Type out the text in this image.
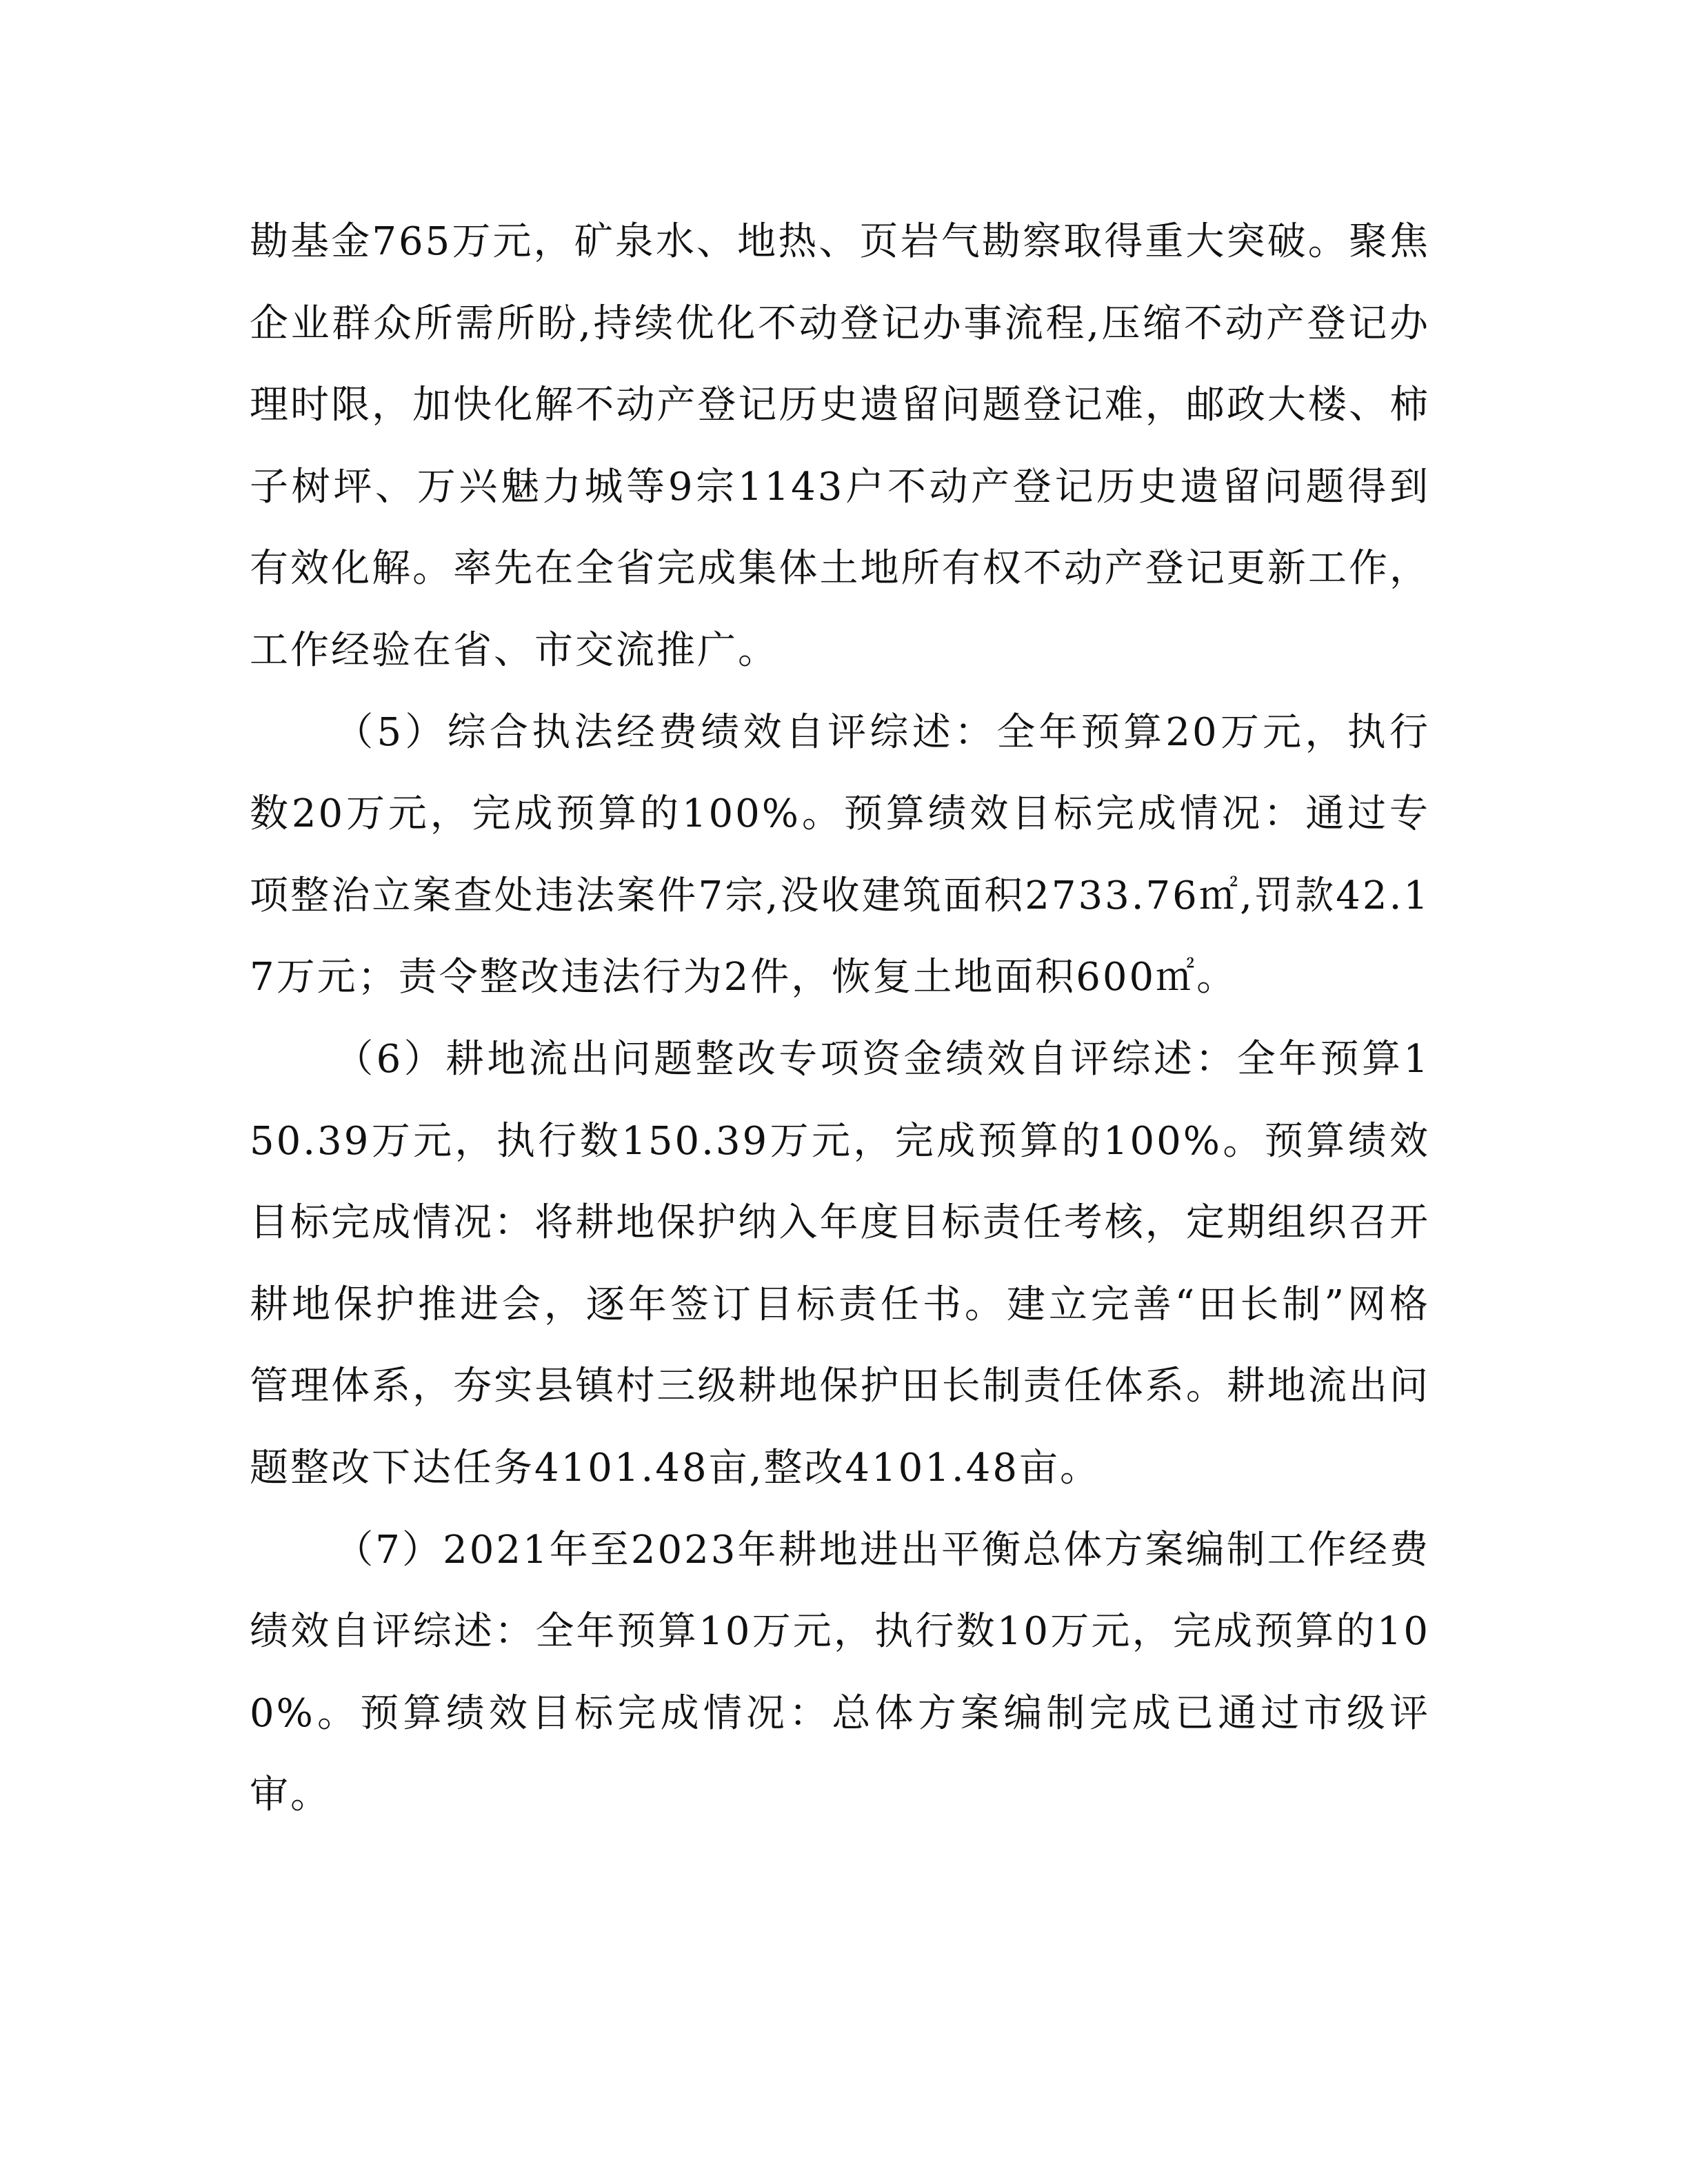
勘基金765万元，矿泉水、地热、页岩气勘察取得重大突破。聚焦企业群众所需所盼,持续优化不动登记办事流程,压缩不动产登记办理时限，加快化解不动产登记历史遗留问题登记难，邮政大楼、柿子树坪、万兴魅力城等9宗1143户不动产登记历史遗留问题得到有效化解。率先在全省完成集体土地所有权不动产登记更新工作，工作经验在省、市交流推广。

（5）综合执法经费绩效自评综述：全年预算20万元，执行数20万元，完成预算的100%。预算绩效目标完成情况：通过专项整治立案查处违法案件7宗,没收建筑面积2733.76㎡,罚款42.17万元；责令整改违法行为2件，恢复土地面积600㎡。

（6）耕地流出问题整改专项资金绩效自评综述：全年预算150.39万元，执行数150.39万元，完成预算的100%。预算绩效目标完成情况：将耕地保护纳入年度目标责任考核，定期组织召开耕地保护推进会，逐年签订目标责任书。建立完善“田长制”网格管理体系，夯实县镇村三级耕地保护田长制责任体系。耕地流出问题整改下达任务4101.48亩,整改4101.48亩。

（7）2021年至2023年耕地进出平衡总体方案编制工作经费绩效自评综述：全年预算10万元，执行数10万元，完成预算的100%。预算绩效目标完成情况：总体方案编制完成已通过市级评审。
